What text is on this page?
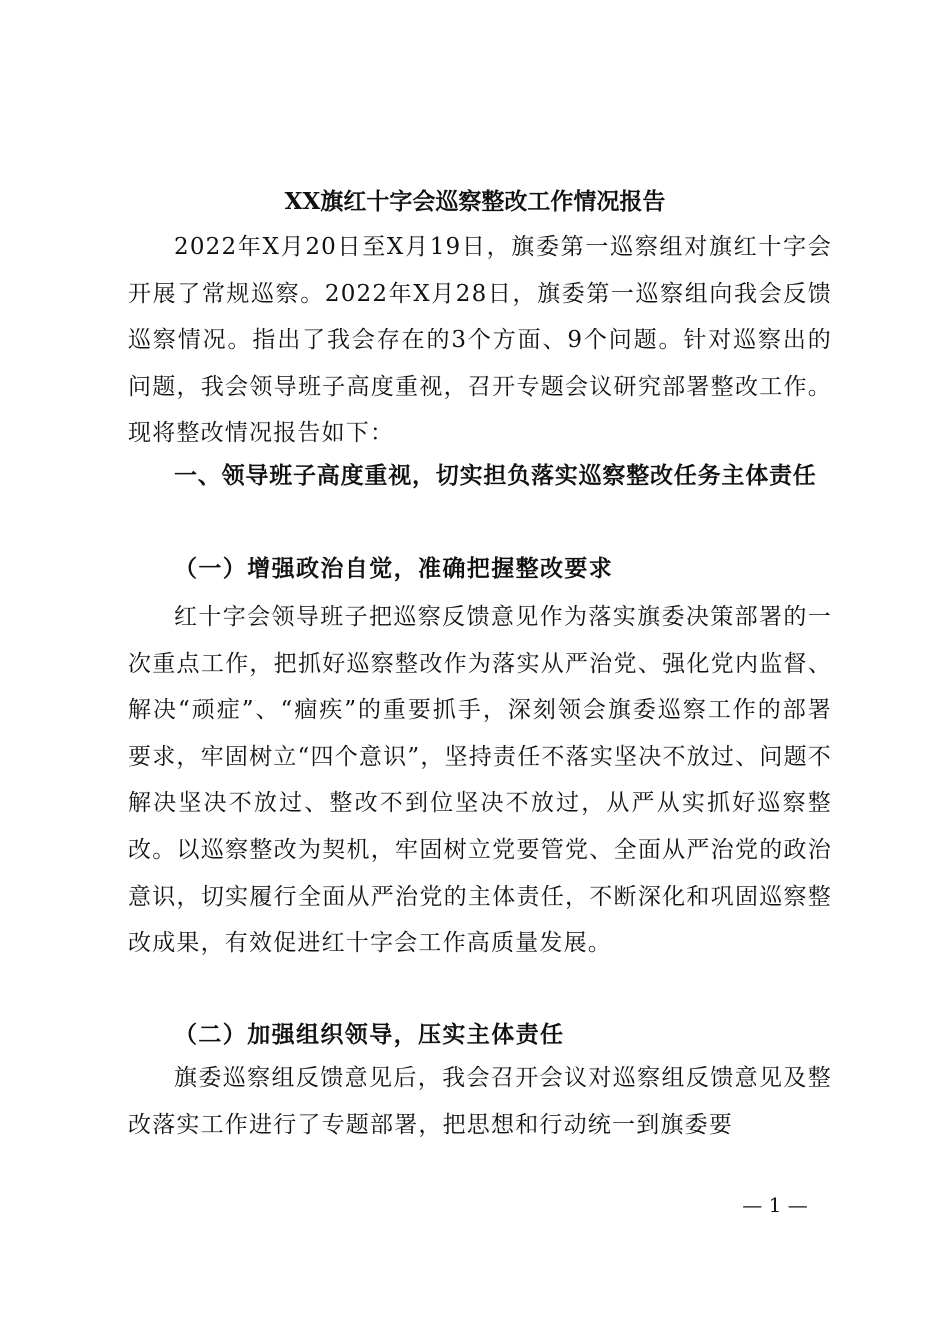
XX旗红十字会巡察整改工作情况报告

2022年X月20日至X月19日，旗委第一巡察组对旗红十字会开展了常规巡察。2022年X月28日，旗委第一巡察组向我会反馈巡察情况。指出了我会存在的3个方面、9个问题。针对巡察出的问题，我会领导班子高度重视，召开专题会议研究部署整改工作。现将整改情况报告如下：

一、领导班子高度重视，切实担负落实巡察整改任务主体责任

（一）增强政治自觉，准确把握整改要求

红十字会领导班子把巡察反馈意见作为落实旗委决策部署的一次重点工作，把抓好巡察整改作为落实从严治党、强化党内监督、解决“顽症”、“痼疾”的重要抓手，深刻领会旗委巡察工作的部署要求，牢固树立“四个意识”，坚持责任不落实坚决不放过、问题不解决坚决不放过、整改不到位坚决不放过，从严从实抓好巡察整改。以巡察整改为契机，牢固树立党要管党、全面从严治党的政治意识，切实履行全面从严治党的主体责任，不断深化和巩固巡察整改成果，有效促进红十字会工作高质量发展。

（二）加强组织领导，压实主体责任

旗委巡察组反馈意见后，我会召开会议对巡察组反馈意见及整改落实工作进行了专题部署，把思想和行动统一到旗委要

— 1 —
